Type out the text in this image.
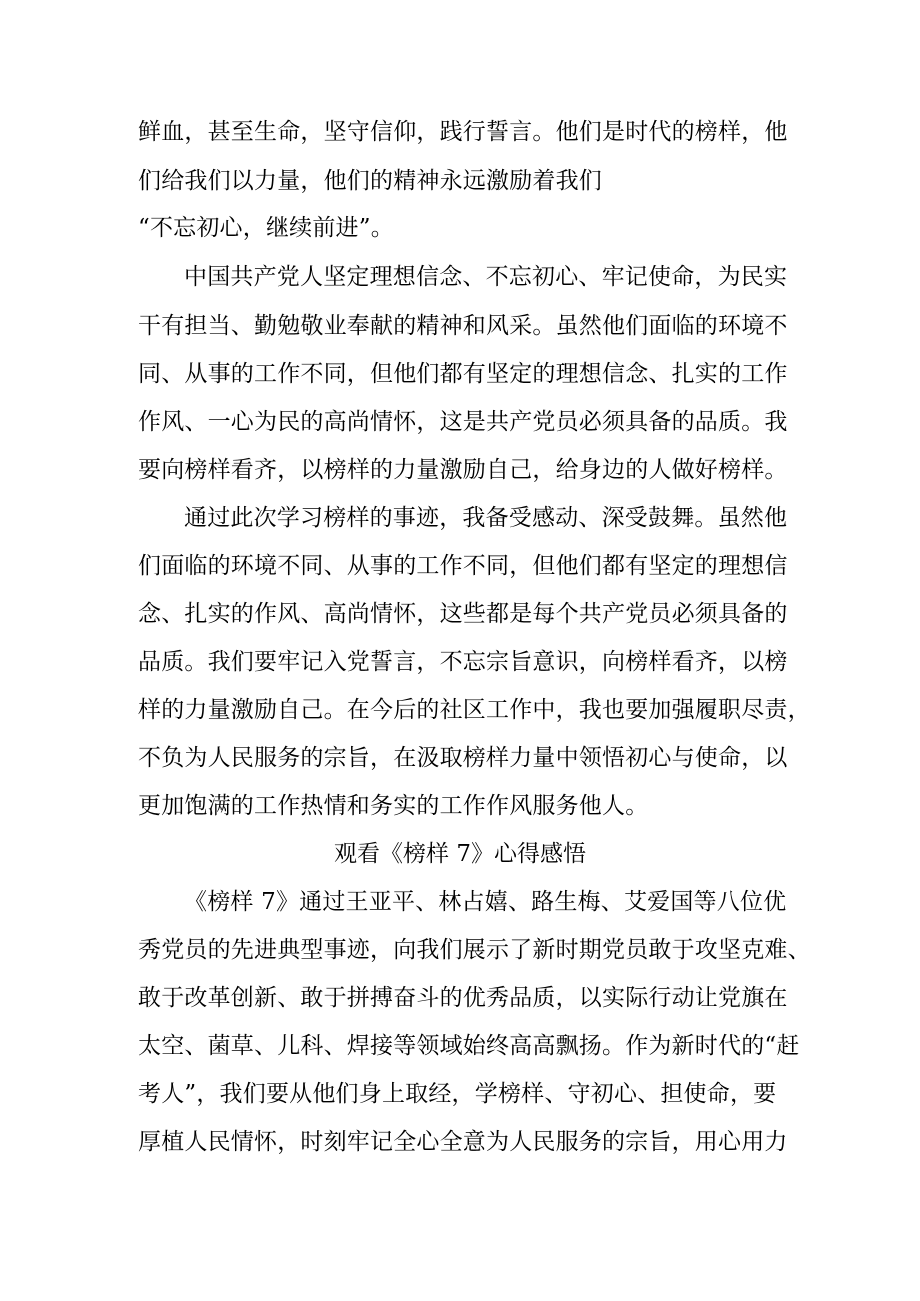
鲜血，甚至生命，坚守信仰，践行誓言。他们是时代的榜样，他
们给我们以力量，他们的精神永远激励着我们
“不忘初心，继续前进”。
中国共产党人坚定理想信念、不忘初心、牢记使命，为民实
干有担当、勤勉敬业奉献的精神和风采。虽然他们面临的环境不
同、从事的工作不同，但他们都有坚定的理想信念、扎实的工作
作风、一心为民的高尚情怀，这是共产党员必须具备的品质。我
要向榜样看齐，以榜样的力量激励自己，给身边的人做好榜样。
通过此次学习榜样的事迹，我备受感动、深受鼓舞。虽然他
们面临的环境不同、从事的工作不同，但他们都有坚定的理想信
念、扎实的作风、高尚情怀，这些都是每个共产党员必须具备的
品质。我们要牢记入党誓言，不忘宗旨意识，向榜样看齐，以榜
样的力量激励自己。在今后的社区工作中，我也要加强履职尽责，
不负为人民服务的宗旨，在汲取榜样力量中领悟初心与使命，以
更加饱满的工作热情和务实的工作作风服务他人。
观看《榜样 7》心得感悟
《榜样 7》通过王亚平、林占嬉、路生梅、艾爱国等八位优
秀党员的先进典型事迹，向我们展示了新时期党员敢于攻坚克难、
敢于改革创新、敢于拼搏奋斗的优秀品质，以实际行动让党旗在
太空、菌草、儿科、焊接等领域始终高高飘扬。作为新时代的“赶
考人”，我们要从他们身上取经，学榜样、守初心、担使命，要
厚植人民情怀，时刻牢记全心全意为人民服务的宗旨，用心用力
